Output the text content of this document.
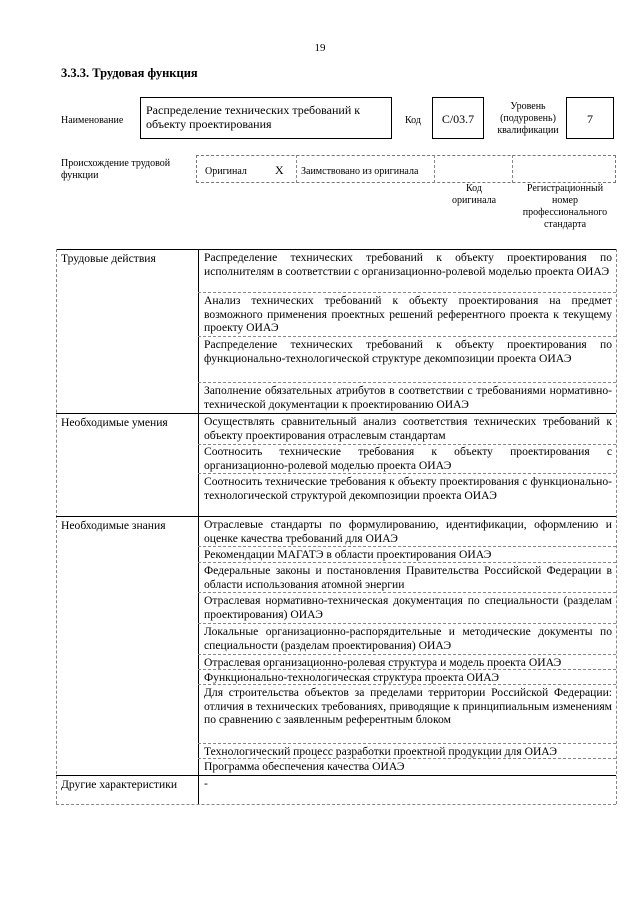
19
3.3.3. Трудовая функция
Наименование
Распределение технических требований к объекту проектирования	Код	С/03.7
Уровень
(подуровень)
квалификации
7
Происхождение трудовой
функции	Оригинал X Заимствовано из оригинала
Код
оригинала
Регистрационный
номер
профессионального
стандарта
Трудовые действия	Распределение технических требований к объекту проектирования по исполнителям в соответствии с организационно-ролевой моделью проекта ОИАЭ
Анализ технических требований к объекту проектирования на предмет возможного применения проектных решений референтного проекта к текущему проекту ОИАЭ
Распределение технических требований к объекту проектирования по функционально-технологической структуре декомпозиции проекта ОИАЭ
Заполнение обязательных атрибутов в соответствии с требованиями нормативно-технической документации к проектированию ОИАЭ
Необходимые умения	Осуществлять сравнительный анализ соответствия технических требований к объекту проектирования отраслевым стандартам
Соотносить технические требования к объекту проектирования с организационно-ролевой моделью проекта ОИАЭ
Соотносить технические требования к объекту проектирования с функционально-технологической структурой декомпозиции проекта ОИАЭ
Необходимые знания	Отраслевые стандарты по формулированию, идентификации, оформлению и оценке качества требований для ОИАЭ
Рекомендации МАГАТЭ в области проектирования ОИАЭ
Федеральные законы и постановления Правительства Российской Федерации в области использования атомной энергии
Отраслевая нормативно-техническая документация по специальности (разделам проектирования) ОИАЭ
Локальные организационно-распорядительные и методические документы по специальности (разделам проектирования) ОИАЭ
Отраслевая организационно-ролевая структура и модель проекта ОИАЭ
Функционально-технологическая структура проекта ОИАЭ
Для строительства объектов за пределами территории Российской Федерации: отличия в технических требованиях, приводящие к принципиальным изменениям по сравнению с заявленным референтным блоком
Технологический процесс разработки проектной продукции для ОИАЭ
Программа обеспечения качества ОИАЭ
Другие характеристики -
